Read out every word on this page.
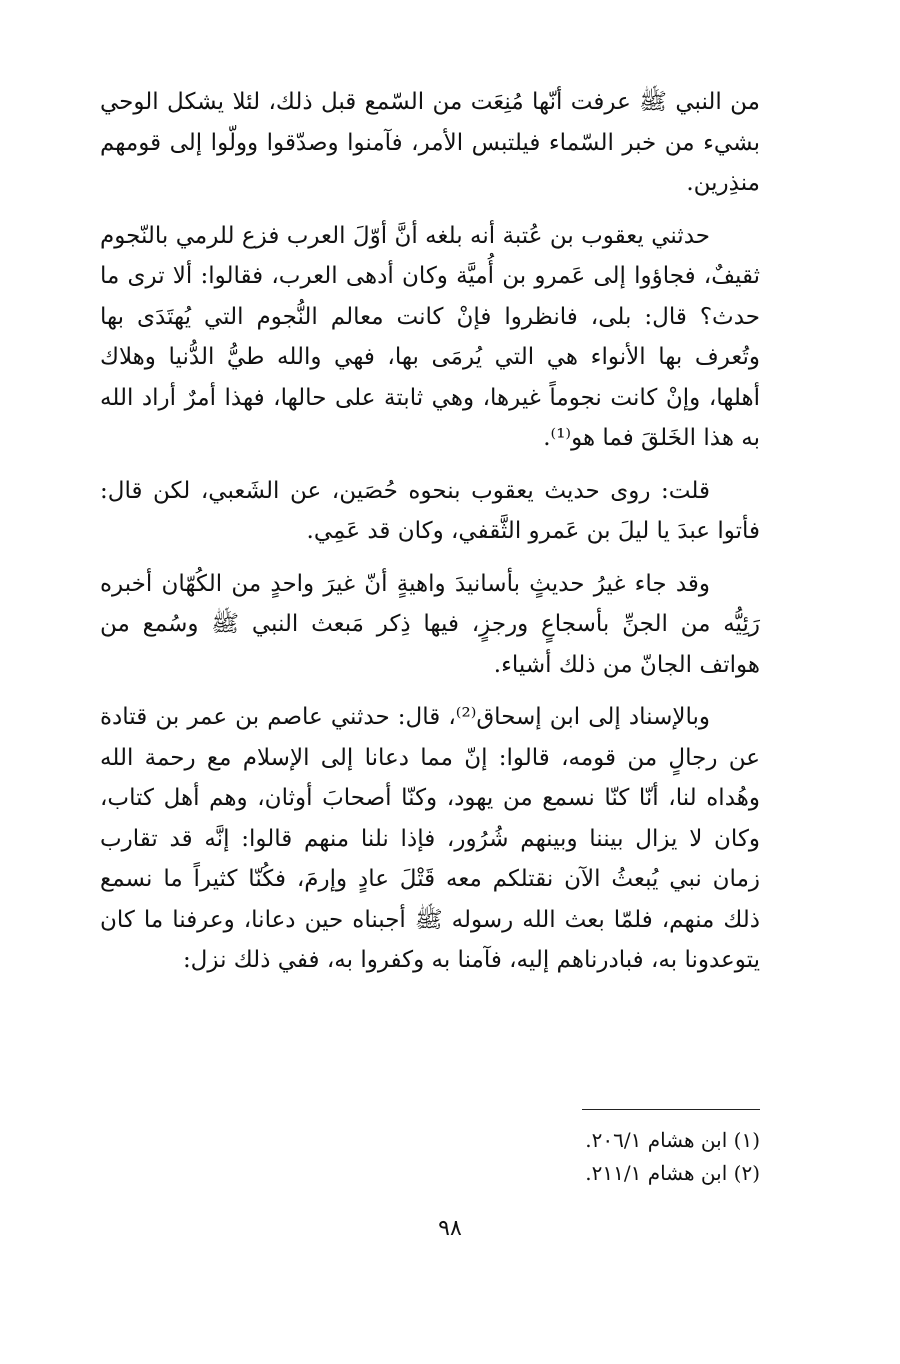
من النبي ﷺ عرفت أنّها مُنِعَت من السّمع قبل ذلك، لئلا يشكل الوحي بشيء من خبر السّماء فيلتبس الأمر، فآمنوا وصدّقوا وولّوا إلى قومهم منذِرين.

حدثني يعقوب بن عُتبة أنه بلغه أنَّ أوّلَ العرب فزع للرمي بالنّجوم ثقيفٌ، فجاؤوا إلى عَمرو بن أُميَّة وكان أدهى العرب، فقالوا: ألا ترى ما حدث؟ قال: بلى، فانظروا فإنْ كانت معالم النُّجوم التي يُهتَدَى بها وتُعرف بها الأنواء هي التي يُرمَى بها، فهي والله طيُّ الدُّنيا وهلاك أهلها، وإنْ كانت نجوماً غيرها، وهي ثابتة على حالها، فهذا أمرٌ أراد الله به هذا الخَلقَ فما هو⁽¹⁾.

قلت: روى حديث يعقوب بنحوه حُصَين، عن الشَعبي، لكن قال: فأتوا عبدَ يا ليلَ بن عَمرو الثَّقفي، وكان قد عَمِي.

وقد جاء غيرُ حديثٍ بأسانيدَ واهيةٍ أنّ غيرَ واحدٍ من الكُهّان أخبره رَئِيُّه من الجنِّ بأسجاعٍ ورجزٍ، فيها ذِكر مَبعث النبي ﷺ وسُمع من هواتف الجانّ من ذلك أشياء.

وبالإسناد إلى ابن إسحاق⁽²⁾، قال: حدثني عاصم بن عمر بن قتادة عن رجالٍ من قومه، قالوا: إنّ مما دعانا إلى الإسلام مع رحمة الله وهُداه لنا، أنّا كنّا نسمع من يهود، وكنّا أصحابَ أوثان، وهم أهل كتاب، وكان لا يزال بيننا وبينهم شُرُور، فإذا نلنا منهم قالوا: إنَّه قد تقارب زمان نبي يُبعثُ الآن نقتلكم معه قَتْلَ عادٍ وإرمَ، فكُنّا كثيراً ما نسمع ذلك منهم، فلمّا بعث الله رسوله ﷺ أجبناه حين دعانا، وعرفنا ما كان يتوعدونا به، فبادرناهم إليه، فآمنا به وكفروا به، ففي ذلك نزل:

(١) ابن هشام ٢٠٦/١.
(٢) ابن هشام ٢١١/١.
٩٨
